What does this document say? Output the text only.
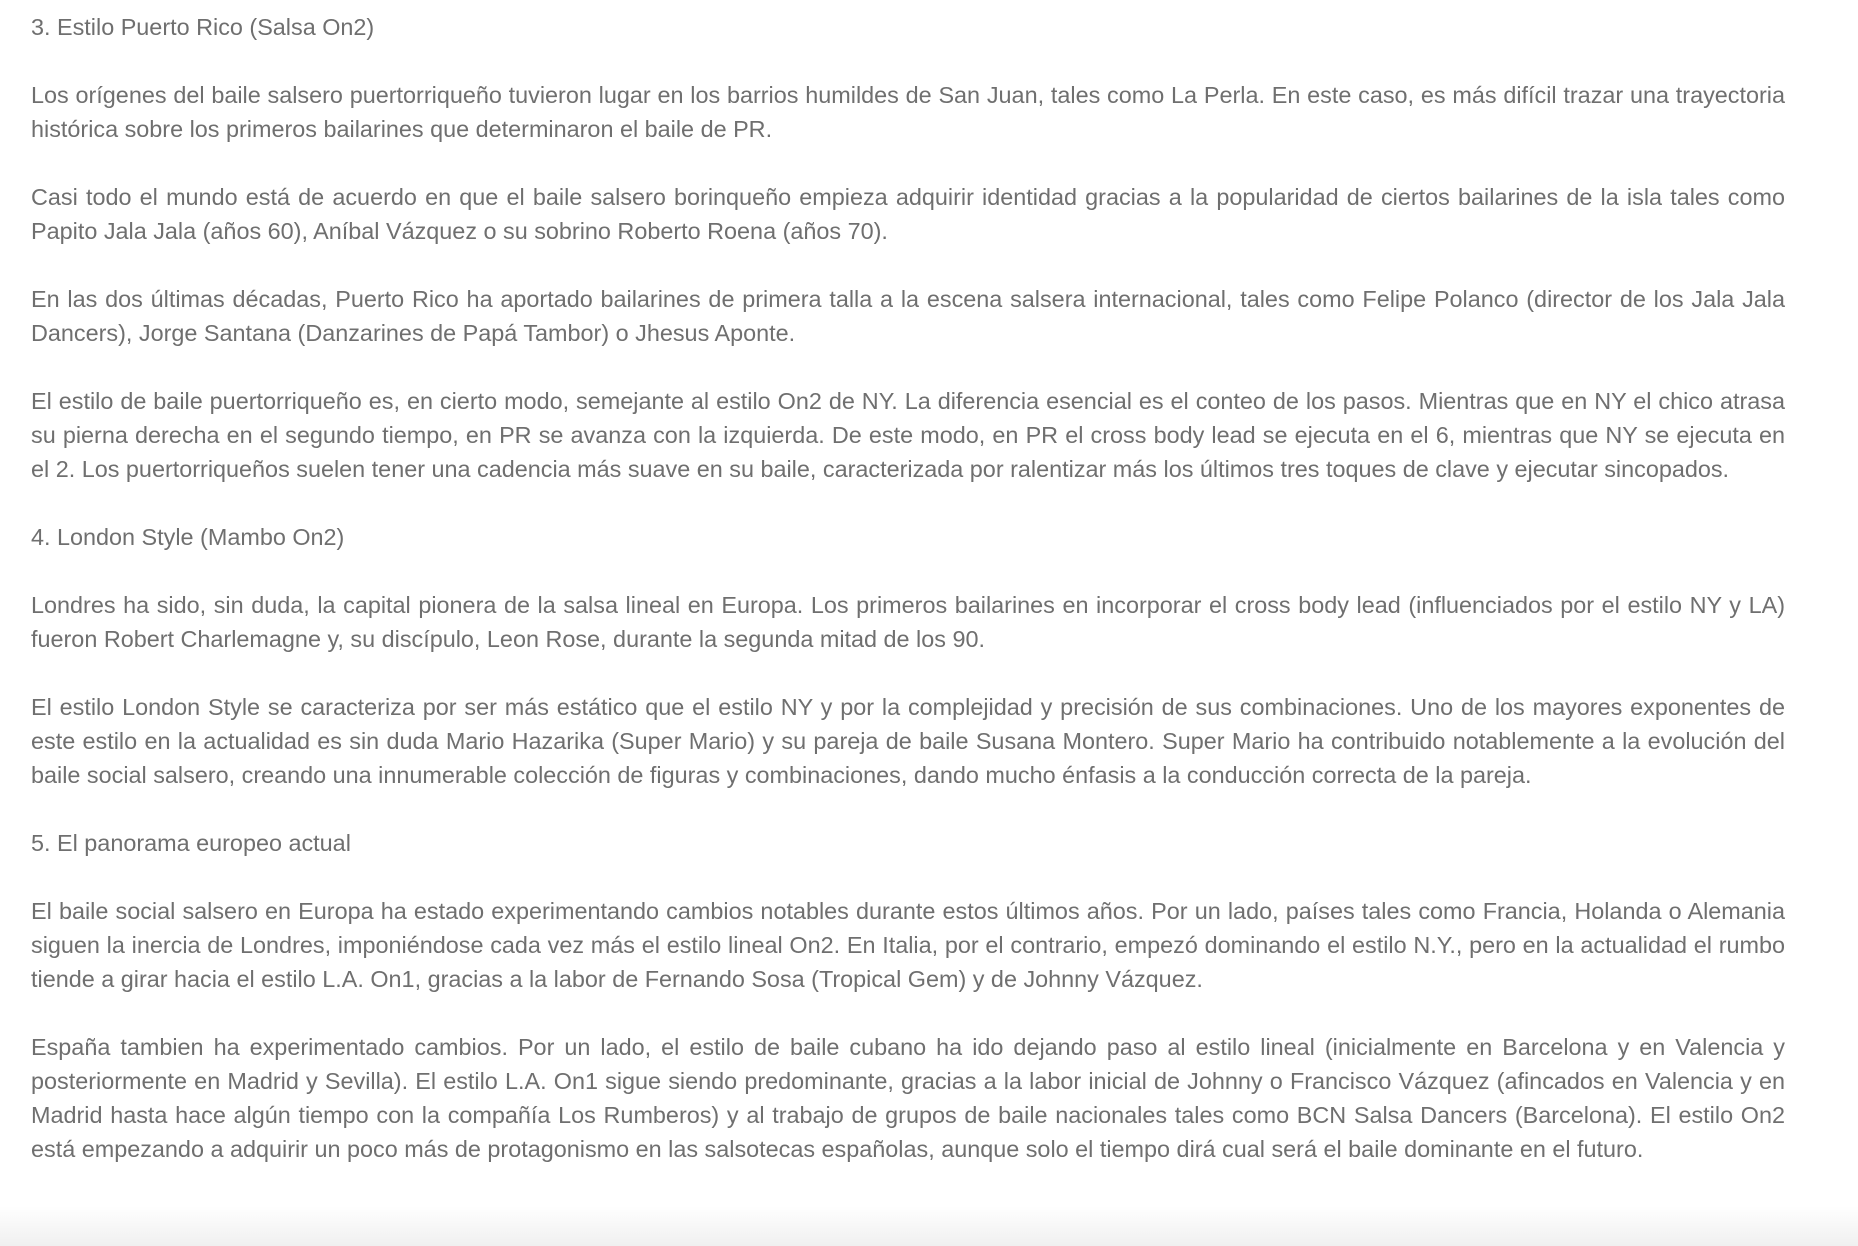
3. Estilo Puerto Rico (Salsa On2)

Los orígenes del baile salsero puertorriqueño tuvieron lugar en los barrios humildes de San Juan, tales como La Perla. En este caso, es más difícil trazar una trayectoria histórica sobre los primeros bailarines que determinaron el baile de PR.

Casi todo el mundo está de acuerdo en que el baile salsero borinqueño empieza adquirir identidad gracias a la popularidad de ciertos bailarines de la isla tales como Papito Jala Jala (años 60), Aníbal Vázquez o su sobrino Roberto Roena (años 70).

En las dos últimas décadas, Puerto Rico ha aportado bailarines de primera talla a la escena salsera internacional, tales como Felipe Polanco (director de los Jala Jala Dancers), Jorge Santana (Danzarines de Papá Tambor) o Jhesus Aponte.

El estilo de baile puertorriqueño es, en cierto modo, semejante al estilo On2 de NY. La diferencia esencial es el conteo de los pasos. Mientras que en NY el chico atrasa su pierna derecha en el segundo tiempo, en PR se avanza con la izquierda. De este modo, en PR el cross body lead se ejecuta en el 6, mientras que NY se ejecuta en el 2. Los puertorriqueños suelen tener una cadencia más suave en su baile, caracterizada por ralentizar más los últimos tres toques de clave y ejecutar sincopados.

4. London Style (Mambo On2)

Londres ha sido, sin duda, la capital pionera de la salsa lineal en Europa. Los primeros bailarines en incorporar el cross body lead (influenciados por el estilo NY y LA) fueron Robert Charlemagne y, su discípulo, Leon Rose, durante la segunda mitad de los 90.

El estilo London Style se caracteriza por ser más estático que el estilo NY y por la complejidad y precisión de sus combinaciones. Uno de los mayores exponentes de este estilo en la actualidad es sin duda Mario Hazarika (Super Mario) y su pareja de baile Susana Montero. Super Mario ha contribuido notablemente a la evolución del baile social salsero, creando una innumerable colección de figuras y combinaciones, dando mucho énfasis a la conducción correcta de la pareja.

5. El panorama europeo actual

El baile social salsero en Europa ha estado experimentando cambios notables durante estos últimos años. Por un lado, países tales como Francia, Holanda o Alemania siguen la inercia de Londres, imponiéndose cada vez más el estilo lineal On2. En Italia, por el contrario, empezó dominando el estilo N.Y., pero en la actualidad el rumbo tiende a girar hacia el estilo L.A. On1, gracias a la labor de Fernando Sosa (Tropical Gem) y de Johnny Vázquez.

España tambien ha experimentado cambios. Por un lado, el estilo de baile cubano ha ido dejando paso al estilo lineal (inicialmente en Barcelona y en Valencia y posteriormente en Madrid y Sevilla). El estilo L.A. On1 sigue siendo predominante, gracias a la labor inicial de Johnny o Francisco Vázquez (afincados en Valencia y en Madrid hasta hace algún tiempo con la compañía Los Rumberos) y al trabajo de grupos de baile nacionales tales como BCN Salsa Dancers (Barcelona). El estilo On2 está empezando a adquirir un poco más de protagonismo en las salsotecas españolas, aunque solo el tiempo dirá cual será el baile dominante en el futuro.
